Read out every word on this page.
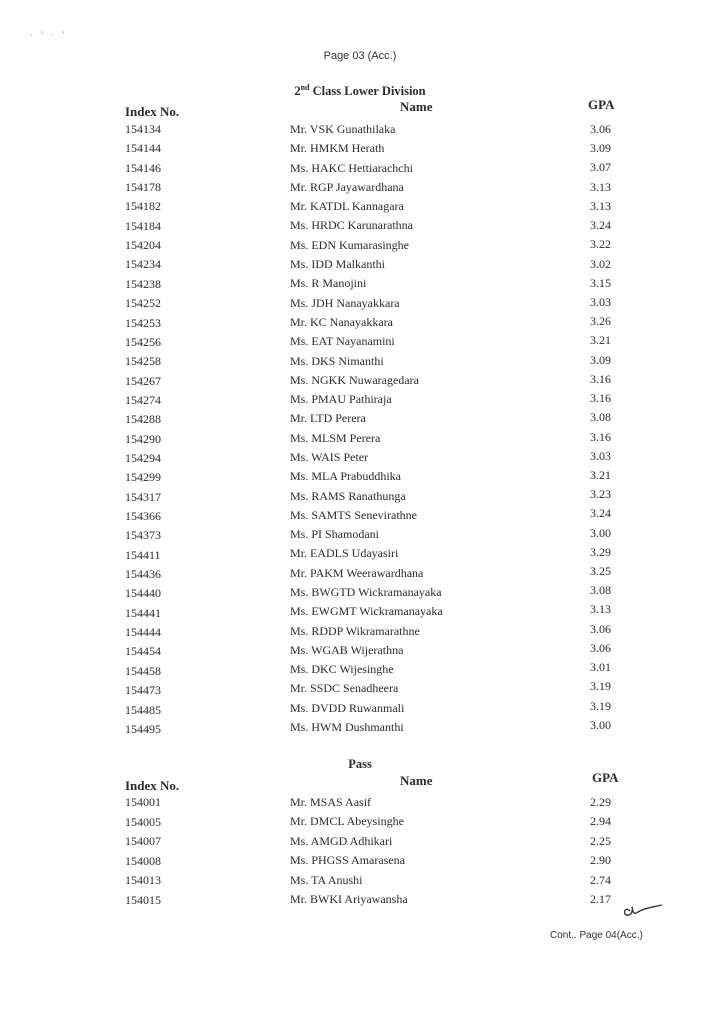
· ' · '
Page 03 (Acc.)
2nd Class Lower Division
Index No.	Name	GPA
154134	Mr. VSK Gunathilaka	3.06
154144	Mr. HMKM Herath	3.09
154146	Ms. HAKC Hettiarachchi	3.07
154178	Mr. RGP Jayawardhana	3.13
154182	Mr. KATDL Kannagara	3.13
154184	Ms. HRDC Karunarathna	3.24
154204	Ms. EDN Kumarasinghe	3.22
154234	Ms. IDD Malkanthi	3.02
154238	Ms. R Manojini	3.15
154252	Ms. JDH Nanayakkara	3.03
154253	Mr. KC Nanayakkara	3.26
154256	Ms. EAT Nayanamini	3.21
154258	Ms. DKS Nimanthi	3.09
154267	Ms. NGKK Nuwaragedara	3.16
154274	Ms. PMAU Pathiraja	3.16
154288	Mr. LTD Perera	3.08
154290	Ms. MLSM Perera	3.16
154294	Ms. WAIS Peter	3.03
154299	Ms. MLA Prabuddhika	3.21
154317	Ms. RAMS Ranathunga	3.23
154366	Ms. SAMTS Senevirathne	3.24
154373	Ms. PI Shamodani	3.00
154411	Mr. EADLS Udayasiri	3.29
154436	Mr. PAKM Weerawardhana	3.25
154440	Ms. BWGTD Wickramanayaka	3.08
154441	Ms. EWGMT Wickramanayaka	3.13
154444	Ms. RDDP Wikramarathne	3.06
154454	Ms. WGAB Wijerathna	3.06
154458	Ms. DKC Wijesinghe	3.01
154473	Mr. SSDC Senadheera	3.19
154485	Ms. DVDD Ruwanmali	3.19
154495	Ms. HWM Dushmanthi	3.00
Pass
Index No.	Name	GPA
154001	Mr. MSAS Aasif	2.29
154005	Mr. DMCL Abeysinghe	2.94
154007	Ms. AMGD Adhikari	2.25
154008	Ms. PHGSS Amarasena	2.90
154013	Ms. TA Anushi	2.74
154015	Mr. BWKI Ariyawansha	2.17
Cont.. Page 04(Acc.)
